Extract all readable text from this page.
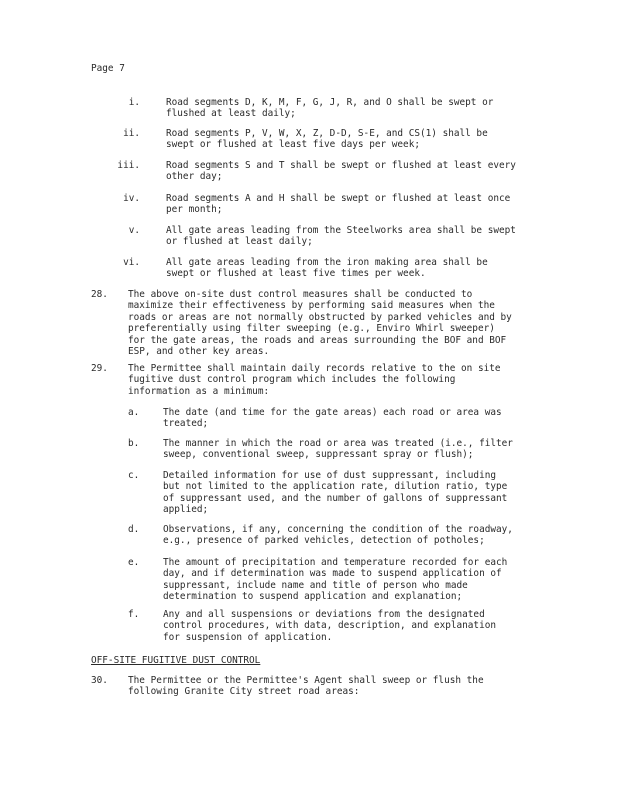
Page 7
i.	Road segments D, K, M, F, G, J, R, and O shall be swept or
flushed at least daily;
ii.	Road segments P, V, W, X, Z, D-D, S-E, and CS(1) shall be
swept or flushed at least five days per week;
iii.	Road segments S and T shall be swept or flushed at least every
other day;
iv.	Road segments A and H shall be swept or flushed at least once
per month;
v.	All gate areas leading from the Steelworks area shall be swept
or flushed at least daily;
vi.	All gate areas leading from the iron making area shall be
swept or flushed at least five times per week.
28. The above on-site dust control measures shall be conducted to
maximize their effectiveness by performing said measures when the
roads or areas are not normally obstructed by parked vehicles and by
preferentially using filter sweeping (e.g., Enviro Whirl sweeper)
for the gate areas, the roads and areas surrounding the BOF and BOF
ESP, and other key areas.
29. The Permittee shall maintain daily records relative to the on site
fugitive dust control program which includes the following
information as a minimum:
a.	The date (and time for the gate areas) each road or area was
treated;
b.	The manner in which the road or area was treated (i.e., filter
sweep, conventional sweep, suppressant spray or flush);
c.	Detailed information for use of dust suppressant, including
but not limited to the application rate, dilution ratio, type
of suppressant used, and the number of gallons of suppressant
applied;
d.	Observations, if any, concerning the condition of the roadway,
e.g., presence of parked vehicles, detection of potholes;
e.	The amount of precipitation and temperature recorded for each
day, and if determination was made to suspend application of
suppressant, include name and title of person who made
determination to suspend application and explanation;
f.	Any and all suspensions or deviations from the designated
control procedures, with data, description, and explanation
for suspension of application.
OFF-SITE FUGITIVE DUST CONTROL
30. The Permittee or the Permittee's Agent shall sweep or flush the
following Granite City street road areas:
